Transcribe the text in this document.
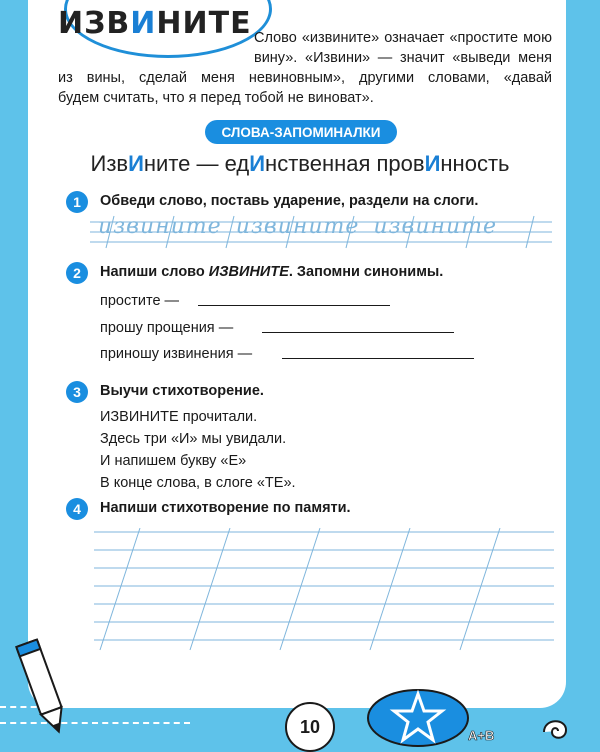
ИЗВИНИТЕ Слово «извините» означает «простите мою
вину». «Извини» — значит «выведи меня
из вины, сделай меня невиновным», другими словами, «давай
будем считать, что я перед тобой не виноват».
СЛОВА-ЗАПОМИНАЛКИ
ИзвИните — едИнственная провИнность
1	Обведи слово, поставь ударение, раздели на слоги.
извините извините извините
2	Напиши слово ИЗВИНИТЕ. Запомни синонимы.
простите —
прошу прощения —
приношу извинения —
3	Выучи стихотворение.
ИЗВИНИТЕ прочитали.
Здесь три «И» мы увидали.
И напишем букву «Е»
В конце слова, в слоге «ТЕ».
4	Напиши стихотворение по памяти.
10	A+B
